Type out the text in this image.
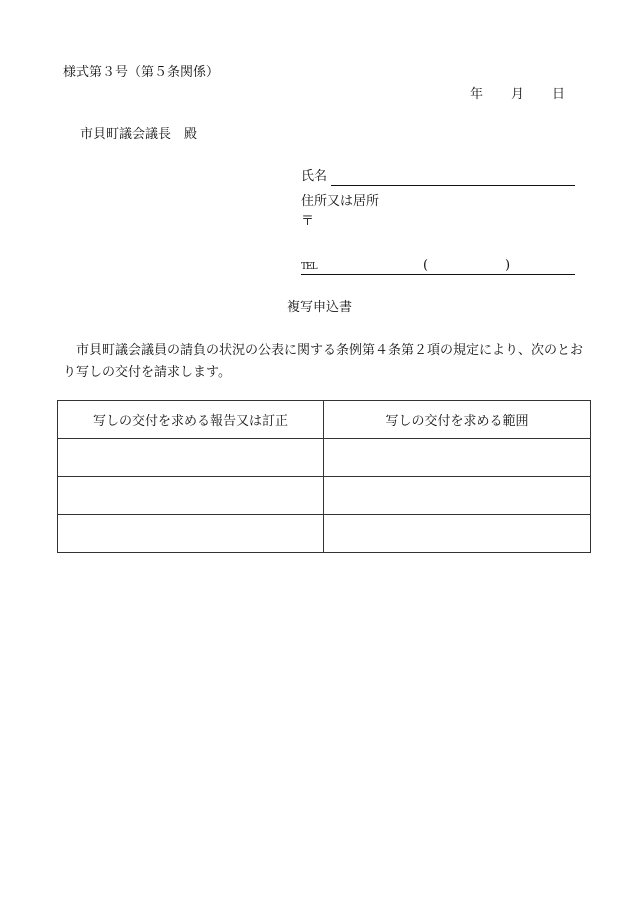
様式第３号（第５条関係）
年 月 日
市貝町議会議長　殿
氏名
住所又は居所
〒
TEL	(	)
複写申込書
市貝町議会議員の請負の状況の公表に関する条例第４条第２項の規定により、次のとおり写しの交付を請求します。
写しの交付を求める報告又は訂正	写しの交付を求める範囲
